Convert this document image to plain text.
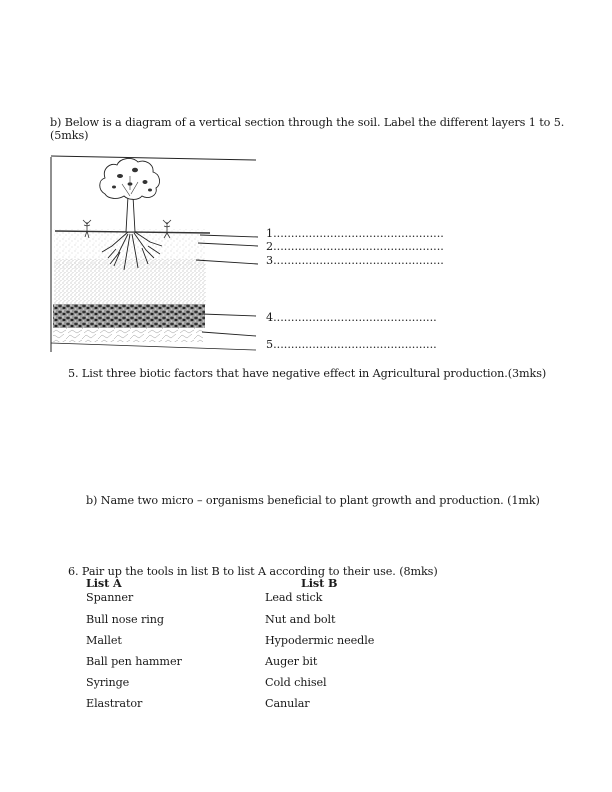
b) Below is a diagram of a vertical section through the soil. Label the different layers 1 to 5. (5mks)
1................................................
2................................................
3................................................
4..............................................
5..............................................
5. List three biotic factors that have negative effect in Agricultural production.(3mks)
b) Name two micro – organisms beneficial to plant growth and production. (1mk)
6. Pair up the tools in list B to list A according to their use. (8mks)
List A	List B
Spanner	Lead stick
Bull nose ring	Nut and bolt
Mallet	Hypodermic needle
Ball pen hammer	Auger bit
Syringe	Cold chisel
Elastrator	Canular
